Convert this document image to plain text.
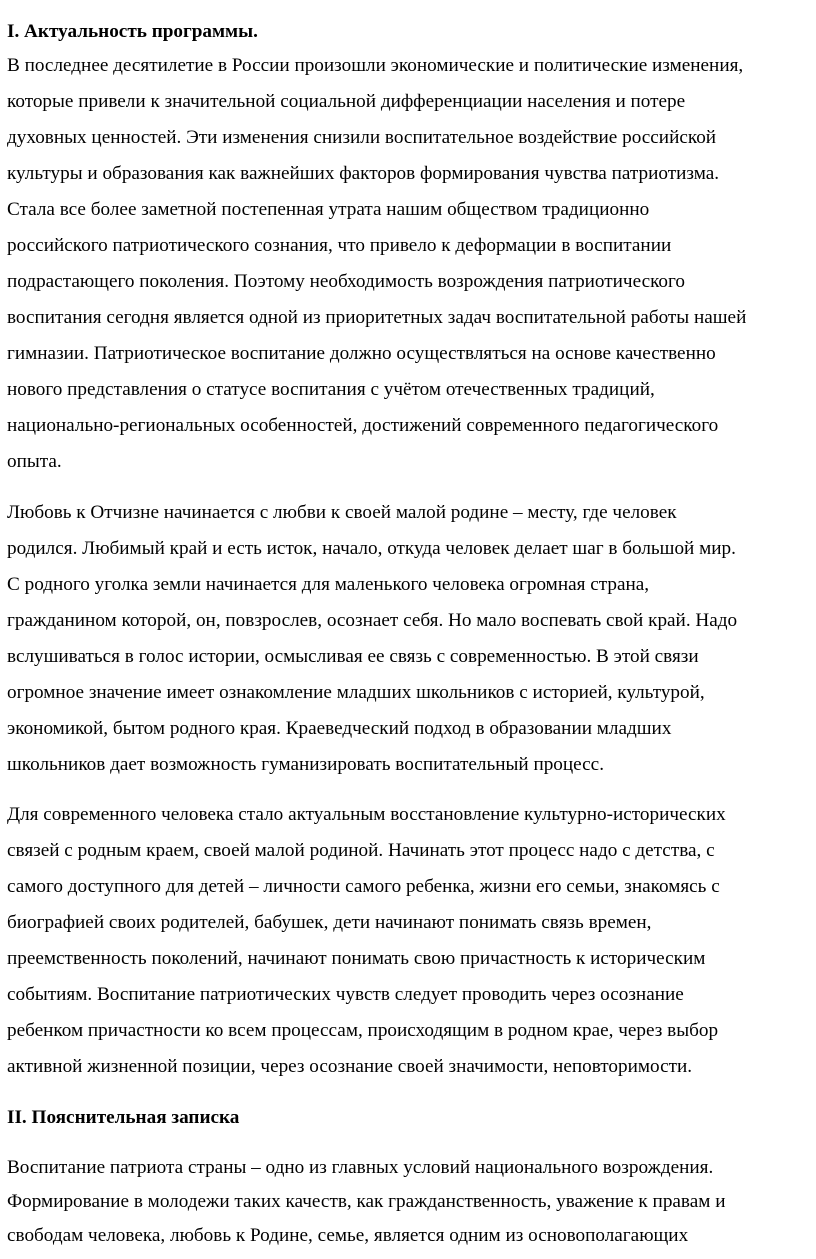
I. Актуальность программы.
В последнее десятилетие в России произошли экономические и политические изменения,
которые привели к значительной социальной дифференциации населения и потере
духовных ценностей. Эти изменения снизили воспитательное воздействие российской
культуры и образования как важнейших факторов формирования чувства патриотизма.
Стала все более заметной постепенная утрата нашим обществом традиционно
российского патриотического сознания, что привело к деформации в воспитании
подрастающего поколения. Поэтому необходимость возрождения патриотического
воспитания сегодня является одной из приоритетных задач воспитательной работы нашей
гимназии. Патриотическое воспитание должно осуществляться на основе качественно
нового представления о статусе воспитания с учётом отечественных традиций,
национально-региональных особенностей, достижений современного педагогического
опыта.
Любовь к Отчизне начинается с любви к своей малой родине – месту, где человек
родился. Любимый край и есть исток, начало, откуда человек делает шаг в большой мир.
С родного уголка земли начинается для маленького человека огромная страна,
гражданином которой, он, повзрослев, осознает себя. Но мало воспевать свой край. Надо
вслушиваться в голос истории, осмысливая ее связь с современностью. В этой связи
огромное значение имеет ознакомление младших школьников с историей, культурой,
экономикой, бытом родного края. Краеведческий подход в образовании младших
школьников дает возможность гуманизировать воспитательный процесс.
Для современного человека стало актуальным восстановление культурно-исторических
связей с родным краем, своей малой родиной. Начинать этот процесс надо с детства, с
самого доступного для детей – личности самого ребенка, жизни его семьи, знакомясь с
биографией своих родителей, бабушек, дети начинают понимать связь времен,
преемственность поколений, начинают понимать свою причастность к историческим
событиям. Воспитание патриотических чувств следует проводить через осознание
ребенком причастности ко всем процессам, происходящим в родном крае, через выбор
активной жизненной позиции, через осознание своей значимости, неповторимости.
II. Пояснительная записка
Воспитание патриота страны – одно из главных условий национального возрождения.
Формирование в молодежи таких качеств, как гражданственность, уважение к правам и
свободам человека, любовь к Родине, семье, является одним из основополагающих
